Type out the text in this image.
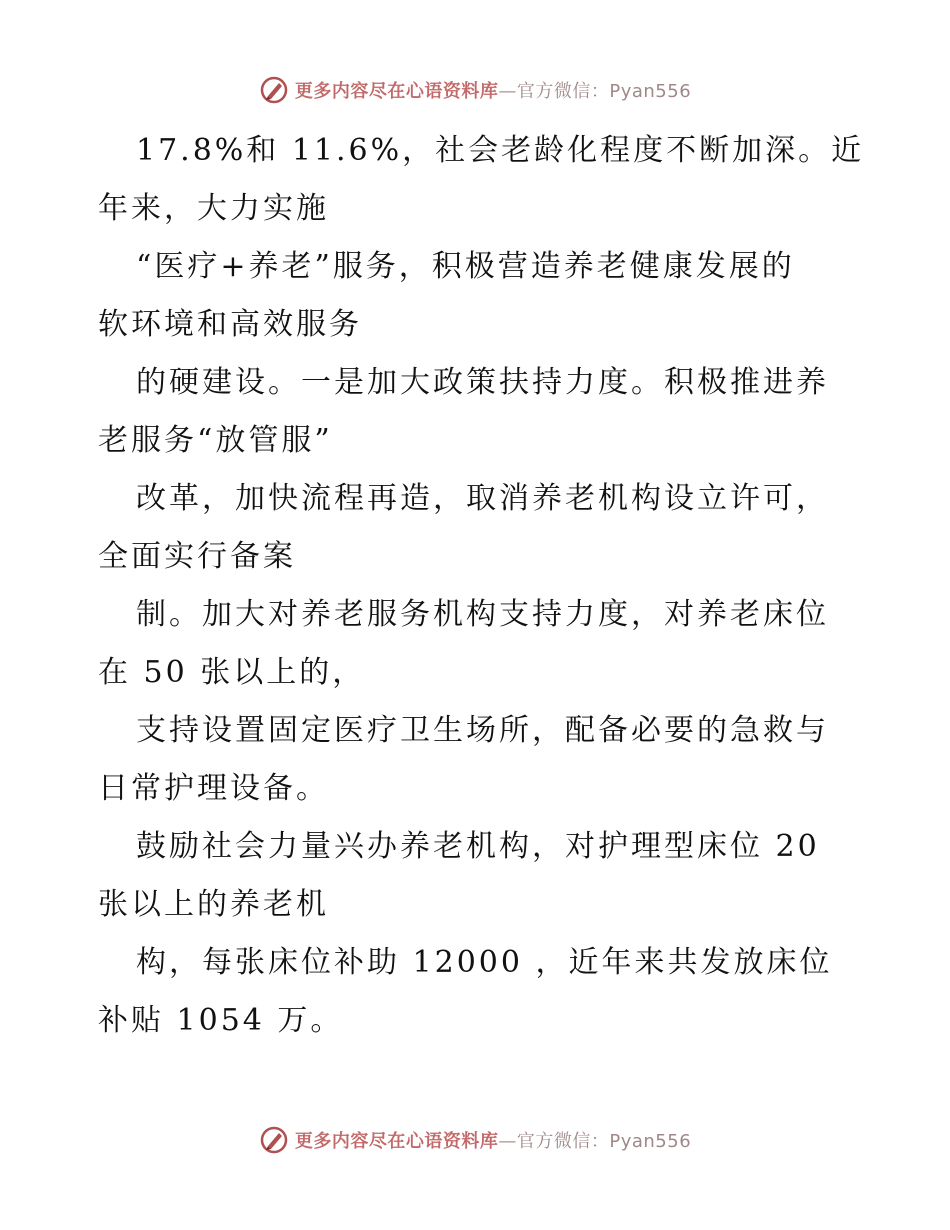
更多内容尽在心语资料库—官方微信：Pyan556
17.8%和 11.6%，社会老龄化程度不断加深。近
年来，大力实施
“医疗+养老”服务，积极营造养老健康发展的
软环境和高效服务
的硬建设。一是加大政策扶持力度。积极推进养
老服务“放管服”
改革，加快流程再造，取消养老机构设立许可，
全面实行备案
制。加大对养老服务机构支持力度，对养老床位
在 50 张以上的，
支持设置固定医疗卫生场所，配备必要的急救与
日常护理设备。
鼓励社会力量兴办养老机构，对护理型床位 20
张以上的养老机
构，每张床位补助 12000 ，近年来共发放床位
补贴 1054 万。
更多内容尽在心语资料库—官方微信：Pyan556
